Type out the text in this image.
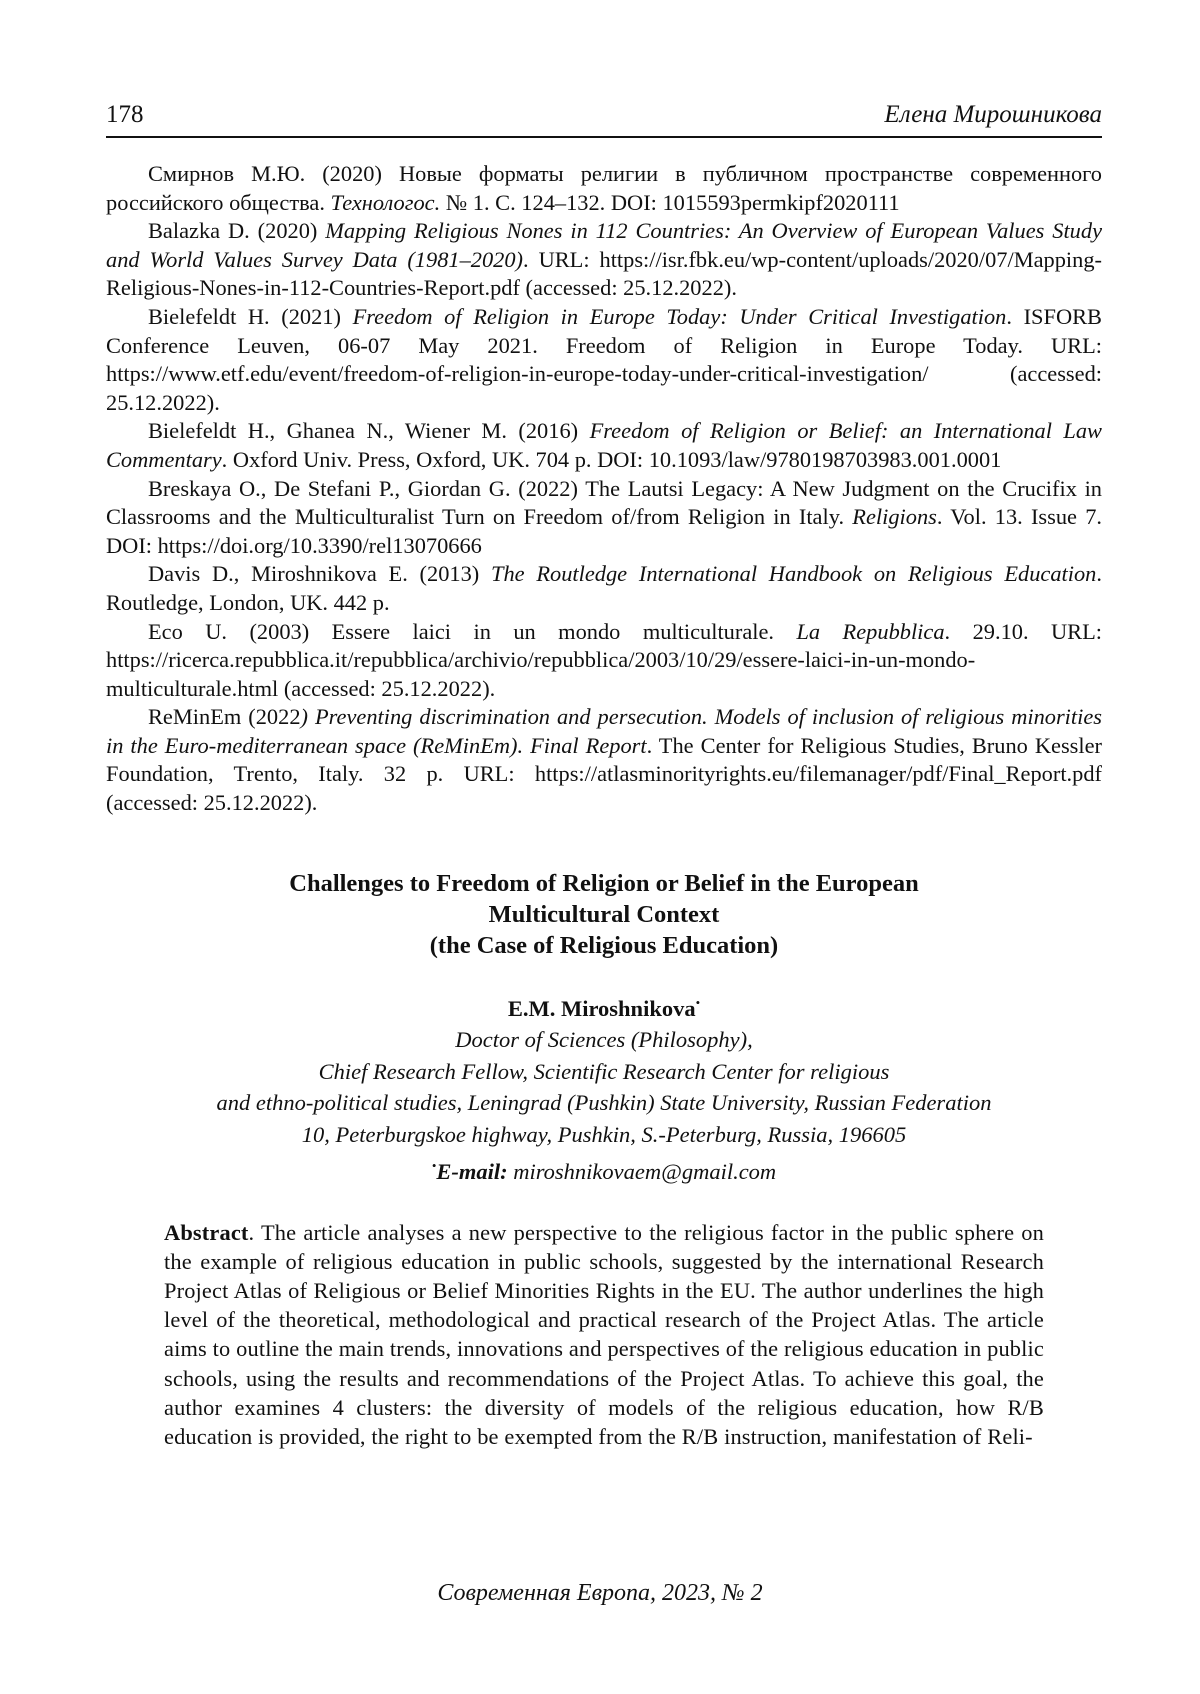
178	Елена Мирошникова

Смирнов М.Ю. (2020) Новые форматы религии в публичном пространстве современного российского общества. Технологос. № 1. С. 124–132. DOI: 1015593permkipf2020111

Balazka D. (2020) Mapping Religious Nones in 112 Countries: An Overview of European Values Study and World Values Survey Data (1981–2020). URL: https://isr.fbk.eu/wp-content/uploads/2020/07/Mapping-Religious-Nones-in-112-Countries-Report.pdf (accessed: 25.12.2022).

Bielefeldt H. (2021) Freedom of Religion in Europe Today: Under Critical Investigation. ISFORB Conference Leuven, 06-07 May 2021. Freedom of Religion in Europe Today. URL: https://www.etf.edu/event/freedom-of-religion-in-europe-today-under-critical-investigation/ (accessed: 25.12.2022).

Bielefeldt H., Ghanea N., Wiener M. (2016) Freedom of Religion or Belief: an International Law Commentary. Oxford Univ. Press, Oxford, UK. 704 p. DOI: 10.1093/law/9780198703983.001.0001

Breskaya O., De Stefani P., Giordan G. (2022) The Lautsi Legacy: A New Judgment on the Crucifix in Classrooms and the Multiculturalist Turn on Freedom of/from Religion in Italy. Religions. Vol. 13. Issue 7. DOI: https://doi.org/10.3390/rel13070666

Davis D., Miroshnikova E. (2013) The Routledge International Handbook on Religious Education. Routledge, London, UK. 442 p.

Eco U. (2003) Essere laici in un mondo multiculturale. La Repubblica. 29.10. URL: https://ricerca.repubblica.it/repubblica/archivio/repubblica/2003/10/29/essere-laici-in-un-mondo-multiculturale.html (accessed: 25.12.2022).

ReMinEm (2022) Preventing discrimination and persecution. Models of inclusion of religious minorities in the Euro-mediterranean space (ReMinEm). Final Report. The Center for Religious Studies, Bruno Kessler Foundation, Trento, Italy. 32 p. URL: https://atlasminorityrights.eu/filemanager/pdf/Final_Report.pdf (accessed: 25.12.2022).

Challenges to Freedom of Religion or Belief in the European
Multicultural Context
(the Case of Religious Education)
E.M. Miroshnikova•
Doctor of Sciences (Philosophy),
Chief Research Fellow, Scientific Research Center for religious
and ethno-political studies, Leningrad (Pushkin) State University, Russian Federation
10, Peterburgskoe highway, Pushkin, S.-Peterburg, Russia, 196605
•E-mail: miroshnikovaem@gmail.com
Abstract. The article analyses a new perspective to the religious factor in the public sphere on the example of religious education in public schools, suggested by the international Research Project Atlas of Religious or Belief Minorities Rights in the EU. The author underlines the high level of the theoretical, methodological and practical research of the Project Atlas. The article aims to outline the main trends, innovations and perspectives of the religious education in public schools, using the results and recommendations of the Project Atlas. To achieve this goal, the author examines 4 clusters: the diversity of models of the religious education, how R/B education is provided, the right to be exempted from the R/B instruction, manifestation of Reli-
Современная Европа, 2023, № 2
